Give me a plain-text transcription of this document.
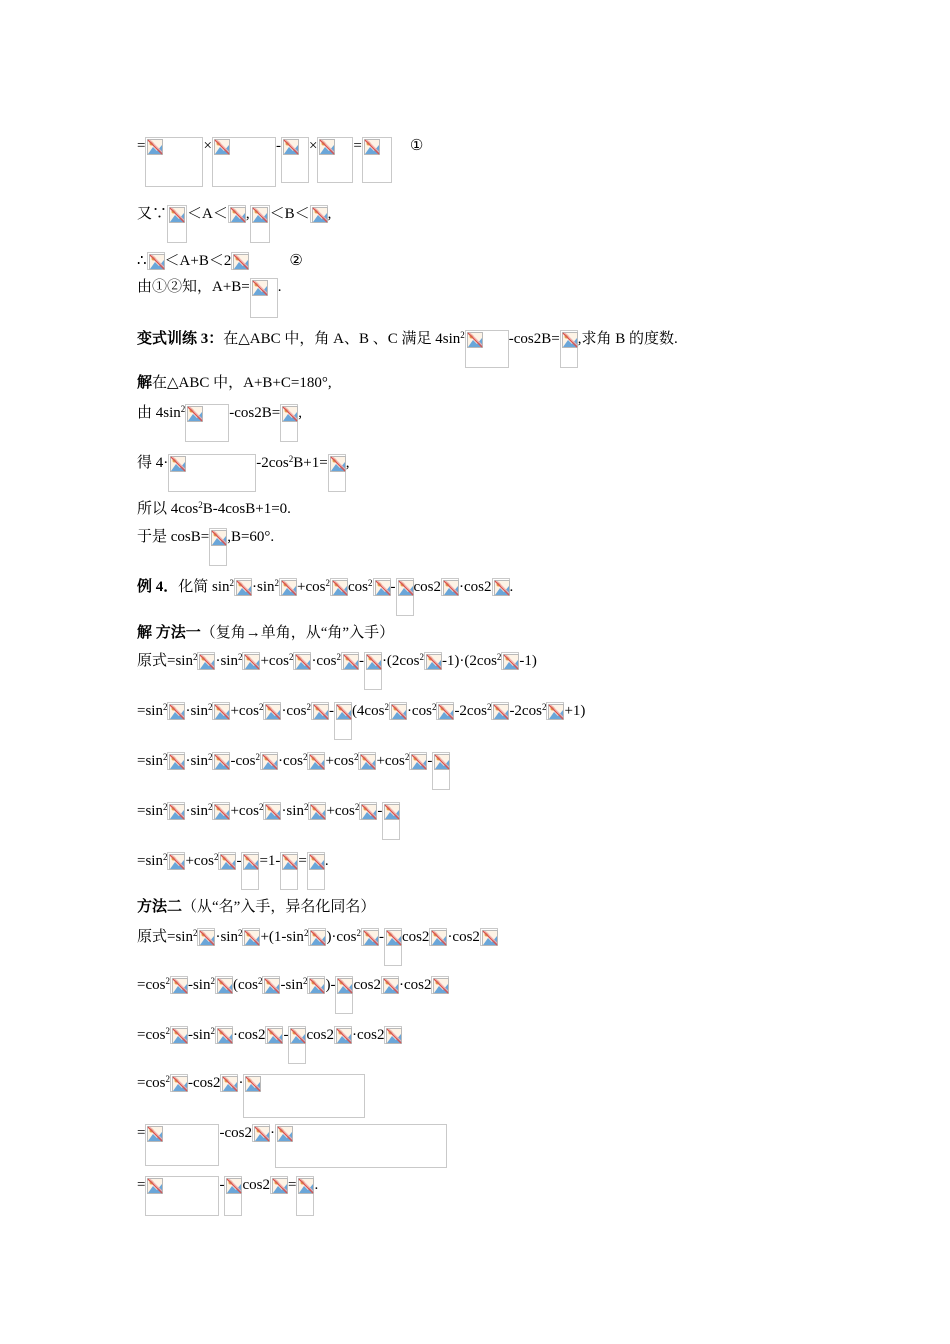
=	×	- × =	①
又∵ ＜A＜ , ＜B＜ ,
∴ ＜A+B＜2	②
由①②知，A+B= .
变式训练 3： 在△ABC 中，角 A、B 、C 满足 $4\sin^2$	-cos2B= ,求角 B 的度数.
解 在△ABC 中，A+B+C=180°,
由 $4\sin^2$	-cos2B= ,
得 4·	$-2\cos^2$ B+1= ,
所以 $4\cos^2$ B-4cosB+1=0.
于是 cosB= ,B=60°.
例 4． 化简 $\sin^2 \cdot\sin^2 +\cos^2$ $\cos^2 - \cos 2 \cdot\cos 2$ .
解 方法一 （复角→单角，从“角”入手）
原式$=\sin^2 \cdot\sin^2 +\cos^2 \cdot\cos^2 - \cdot(2\cos^2$ $-1)\cdot(2\cos^2$ -1)
$=\sin^2 \cdot\sin^2 +\cos^2 \cdot\cos^2 - (4\cos^2 \cdot\cos^2$ $-2\cos^2$ $-2\cos^2 +1$)
$=\sin^2 \cdot\sin^2$ $-\cos^2 \cdot\cos^2 +\cos^2 +\cos^2$ -
$=\sin^2 \cdot\sin^2 +\cos^2 \cdot\sin^2 +\cos^2$ -
$=\sin^2 +\cos^2 - =1-$ = .
方法二 （从“名”入手，异名化同名）
原式$=\sin^2 \cdot\sin^2 +(1-\sin^2$ )$\cdot\cos^2 - \cos 2 \cdot\cos 2$
$=\cos^2$ $-\sin^2$ ($\cos^2$ $-\sin^2$ )- cos2 ·cos2
$=\cos^2$ $-\sin^2 \cdot\cos 2 - \cos 2 \cdot\cos 2$
$=\cos^2$ -cos2 ·
=	-cos2 ·
=	- cos2 = .
